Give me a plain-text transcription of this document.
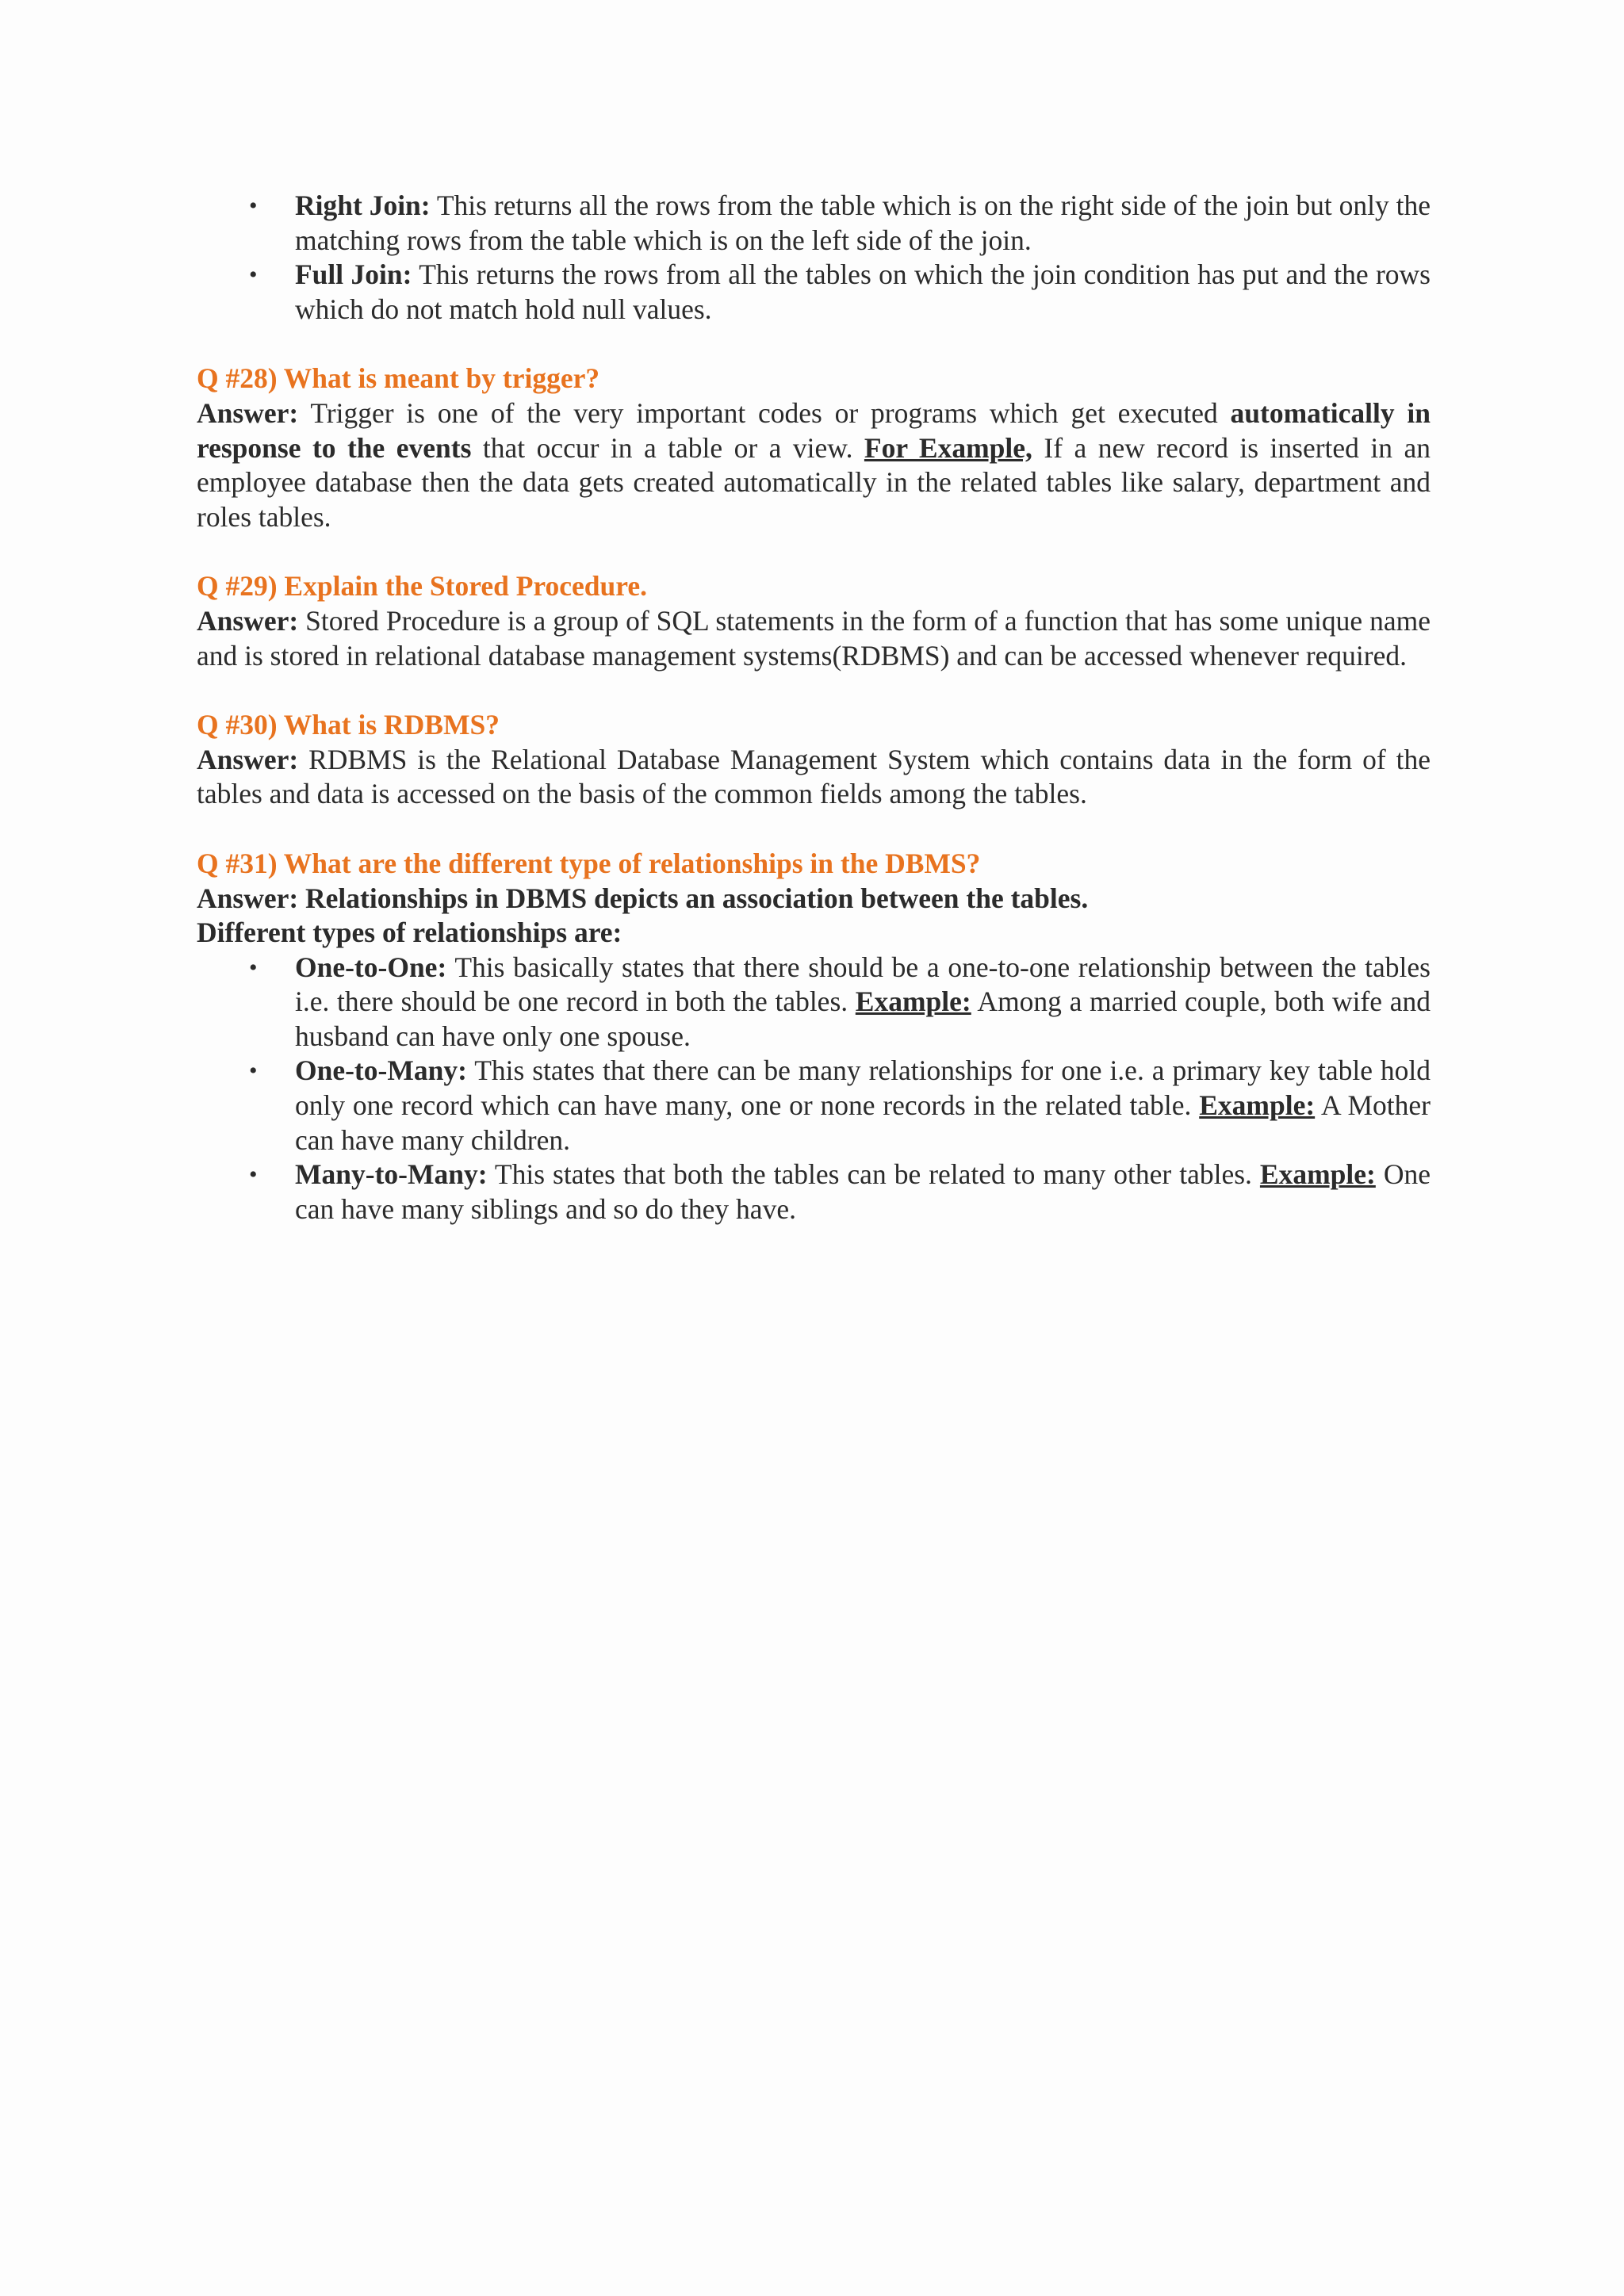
• Right Join: This returns all the rows from the table which is on the right side of the join but only the matching rows from the table which is on the left side of the join.
• Full Join: This returns the rows from all the tables on which the join condition has put and the rows which do not match hold null values.
Q #28) What is meant by trigger?

Answer: Trigger is one of the very important codes or programs which get executed automatically in response to the events that occur in a table or a view. For Example, If a new record is inserted in an employee database then the data gets created automatically in the related tables like salary, department and roles tables.

Q #29) Explain the Stored Procedure.

Answer: Stored Procedure is a group of SQL statements in the form of a function that has some unique name and is stored in relational database management systems(RDBMS) and can be accessed whenever required.

Q #30) What is RDBMS?

Answer: RDBMS is the Relational Database Management System which contains data in the form of the tables and data is accessed on the basis of the common fields among the tables.

Q #31) What are the different type of relationships in the DBMS?

Answer: Relationships in DBMS depicts an association between the tables.

Different types of relationships are:

• One-to-One: This basically states that there should be a one-to-one relationship between the tables i.e. there should be one record in both the tables. Example: Among a married couple, both wife and husband can have only one spouse.
• One-to-Many: This states that there can be many relationships for one i.e. a primary key table hold only one record which can have many, one or none records in the related table. Example: A Mother can have many children.
• Many-to-Many: This states that both the tables can be related to many other tables. Example: One can have many siblings and so do they have.
